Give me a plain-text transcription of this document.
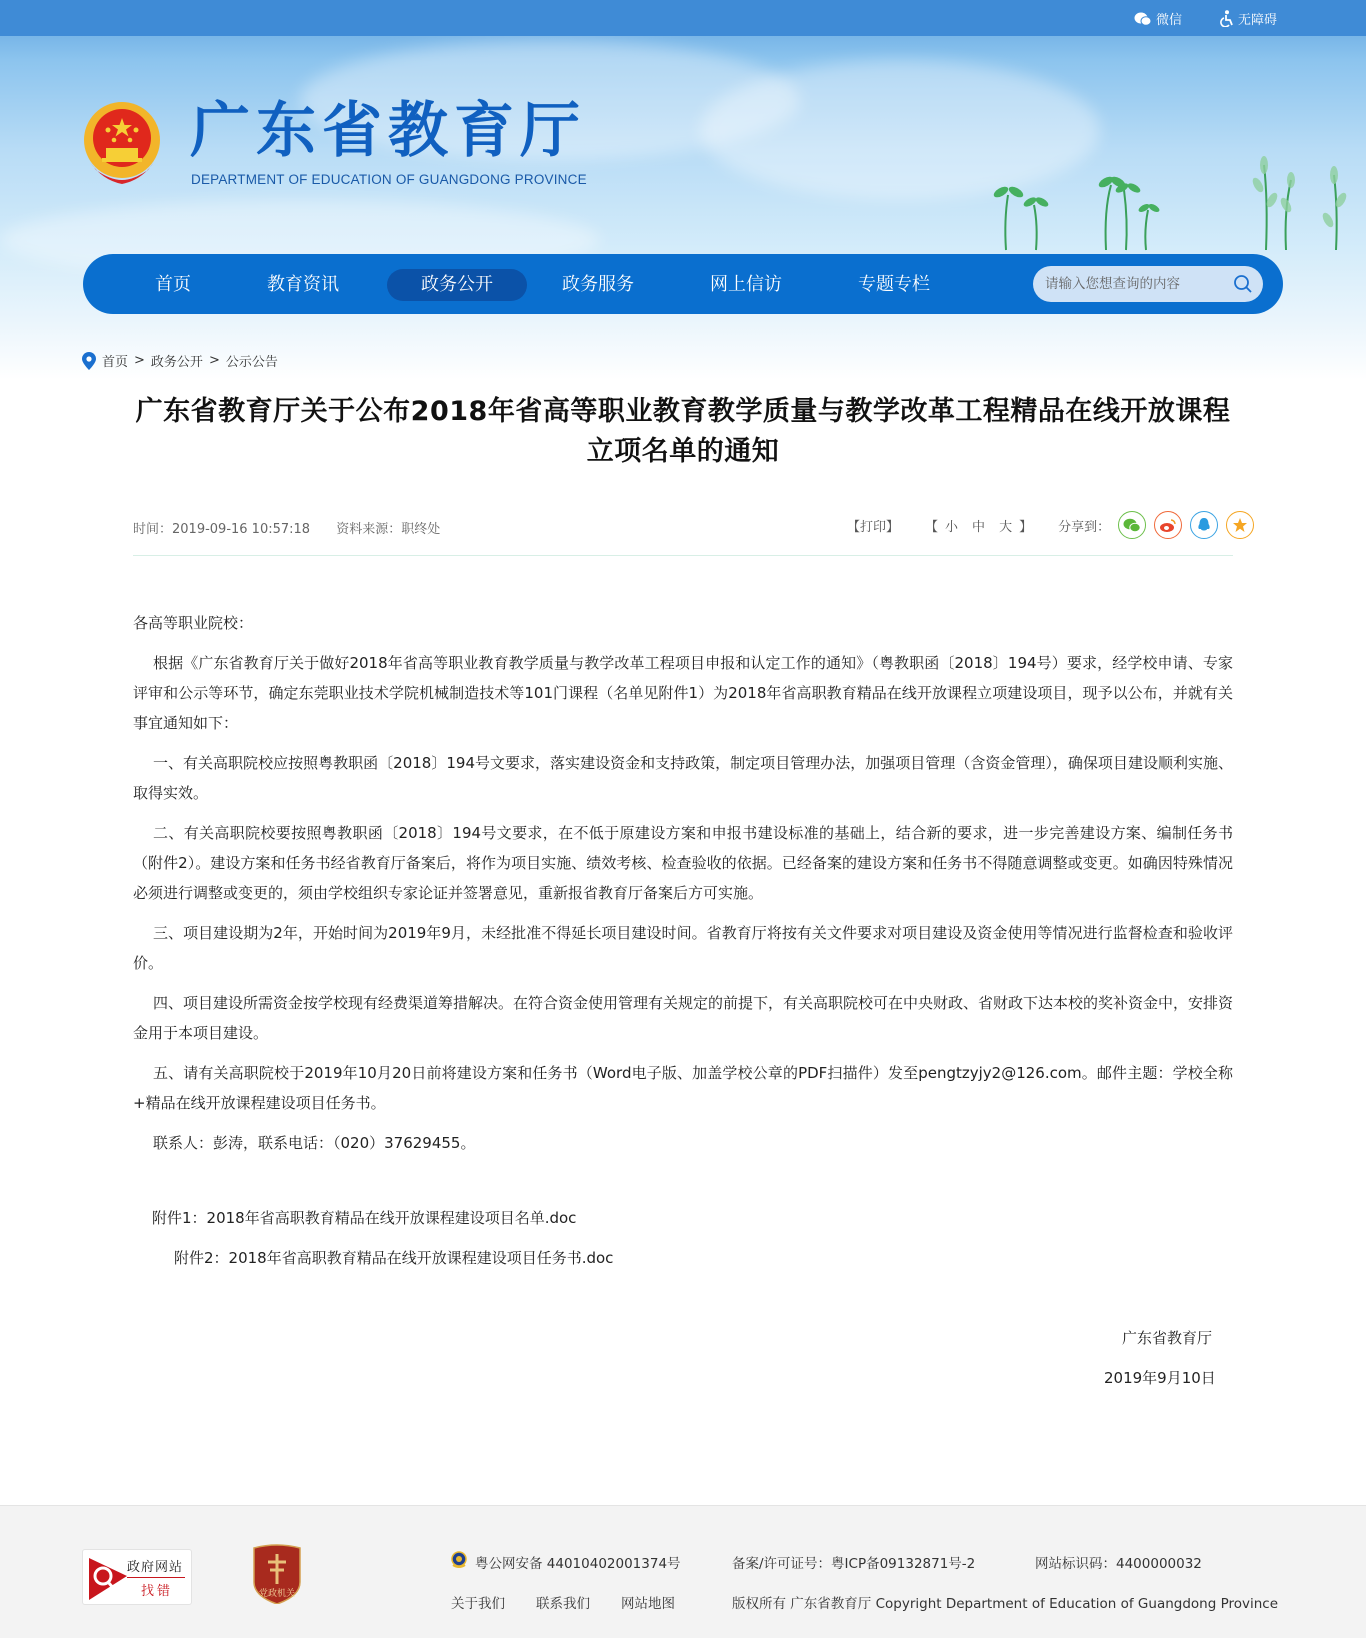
微信	无障碍
广东省教育厅
DEPARTMENT OF EDUCATION OF GUANGDONG PROVINCE
首页	教育资讯	政务公开	政务服务	网上信访	专题专栏
请输入您想查询的内容
首页 > 政务公开 > 公示公告
广东省教育厅关于公布2018年省高等职业教育教学质量与教学改革工程精品在线开放课程立项名单的通知
时间：2019-09-16 10:57:18 资料来源：职终处	【打印】 【 小 中 大 】 分享到：

各高等职业院校：

根据《广东省教育厅关于做好2018年省高等职业教育教学质量与教学改革工程项目申报和认定工作的通知》（粤教职函〔2018〕194号）要求，经学校申请、专家评审和公示等环节，确定东莞职业技术学院机械制造技术等101门课程（名单见附件1）为2018年省高职教育精品在线开放课程立项建设项目，现予以公布，并就有关事宜通知如下：

一、有关高职院校应按照粤教职函〔2018〕194号文要求，落实建设资金和支持政策，制定项目管理办法，加强项目管理（含资金管理），确保项目建设顺利实施、取得实效。

二、有关高职院校要按照粤教职函〔2018〕194号文要求，在不低于原建设方案和申报书建设标准的基础上，结合新的要求，进一步完善建设方案、编制任务书（附件2）。建设方案和任务书经省教育厅备案后，将作为项目实施、绩效考核、检查验收的依据。已经备案的建设方案和任务书不得随意调整或变更。如确因特殊情况必须进行调整或变更的，须由学校组织专家论证并签署意见，重新报省教育厅备案后方可实施。

三、项目建设期为2年，开始时间为2019年9月，未经批准不得延长项目建设时间。省教育厅将按有关文件要求对项目建设及资金使用等情况进行监督检查和验收评价。

四、项目建设所需资金按学校现有经费渠道筹措解决。在符合资金使用管理有关规定的前提下，有关高职院校可在中央财政、省财政下达本校的奖补资金中，安排资金用于本项目建设。

五、请有关高职院校于2019年10月20日前将建设方案和任务书（Word电子版、加盖学校公章的PDF扫描件）发至pengtzyjy2@126.com。邮件主题：学校全称+精品在线开放课程建设项目任务书。

联系人：彭涛，联系电话：（020）37629455。

附件1：2018年省高职教育精品在线开放课程建设项目名单.doc
附件2：2018年省高职教育精品在线开放课程建设项目任务书.doc
广东省教育厅
2019年9月10日
政府网站
找错	党政机关
粤公网安备 44010402001374号	备案/许可证号：粤ICP备09132871号-2	网站标识码：4400000032
关于我们 联系我们 网站地图	版权所有 广东省教育厅 Copyright Department of Education of Guangdong Province
